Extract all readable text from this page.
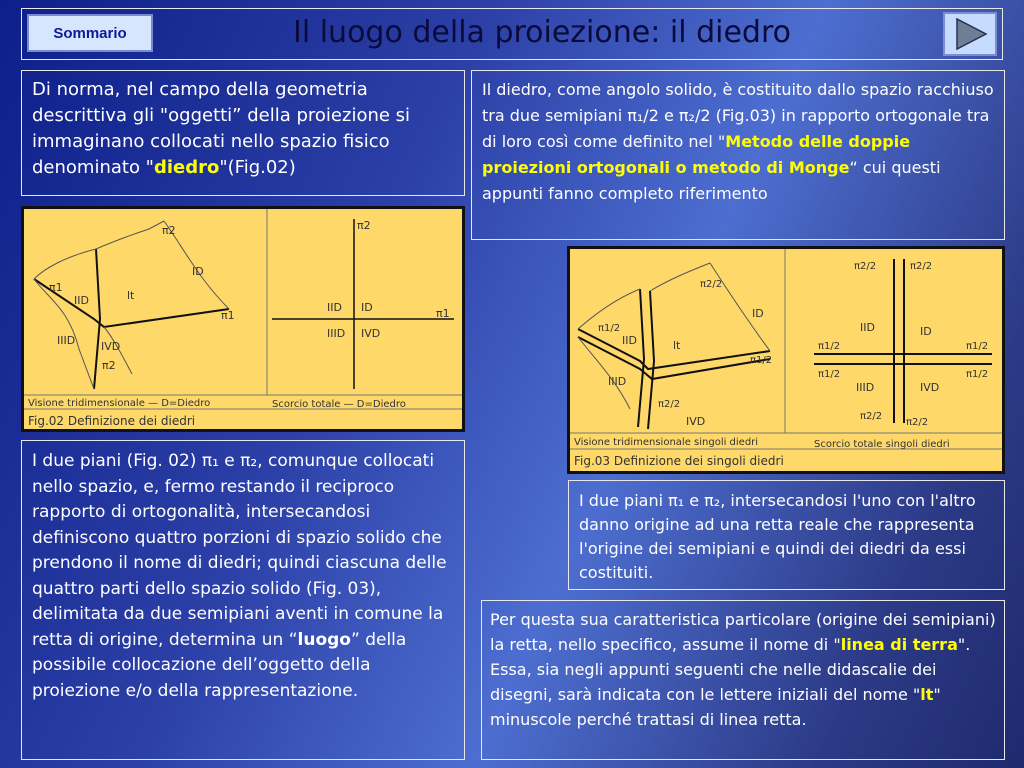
Sommario	Il luogo della proiezione: il diedro

Di norma, nel campo della geometria descrittiva gli "oggetti” della proiezione si immaginano collocati nello spazio fisico denominato "diedro"(Fig.02)

Il diedro, come angolo solido, è costituito dallo spazio racchiuso tra due semipiani π₁/2 e π₂/2 (Fig.03) in rapporto ortogonale tra di loro così come definito nel "Metodo delle doppie proiezioni ortogonali o metodo di Monge“ cui questi appunti fanno completo riferimento

π2
π1
π1
π2
ID
IID	lt
IIID IVD
π2
π1
IID ID
IIID IVD
Visione tridimensionale — D=Diedro	Scorcio totale — D=Diedro
Fig.02 Definizione dei diedri
π2/2
π1/2
π1/2
π2/2
ID
IID	lt
IIID
IVD
π2/2	π2/2
π1/2
π1/2
π1/2
π1/2
IID	ID
IIID	IVD
π2/2
π2/2
Visione tridimensionale singoli diedri	Scorcio totale singoli diedri
Fig.03 Definizione dei singoli diedri

I due piani (Fig. 02) π₁ e π₂, comunque collocati nello spazio, e, fermo restando il reciproco rapporto di ortogonalità, intersecandosi definiscono quattro porzioni di spazio solido che prendono il nome di diedri; quindi ciascuna delle quattro parti dello spazio solido (Fig. 03), delimitata da due semipiani aventi in comune la retta di origine, determina un “luogo” della possibile collocazione dell’oggetto della proiezione e/o della rappresentazione.

I due piani π₁ e π₂, intersecandosi l'uno con l'altro danno origine ad una retta reale che rappresenta l'origine dei semipiani e quindi dei diedri da essi costituiti.

Per questa sua caratteristica particolare (origine dei semipiani) la retta, nello specifico, assume il nome di "linea di terra". Essa, sia negli appunti seguenti che nelle didascalie dei disegni, sarà indicata con le lettere iniziali del nome "lt" minuscole perché trattasi di linea retta.
